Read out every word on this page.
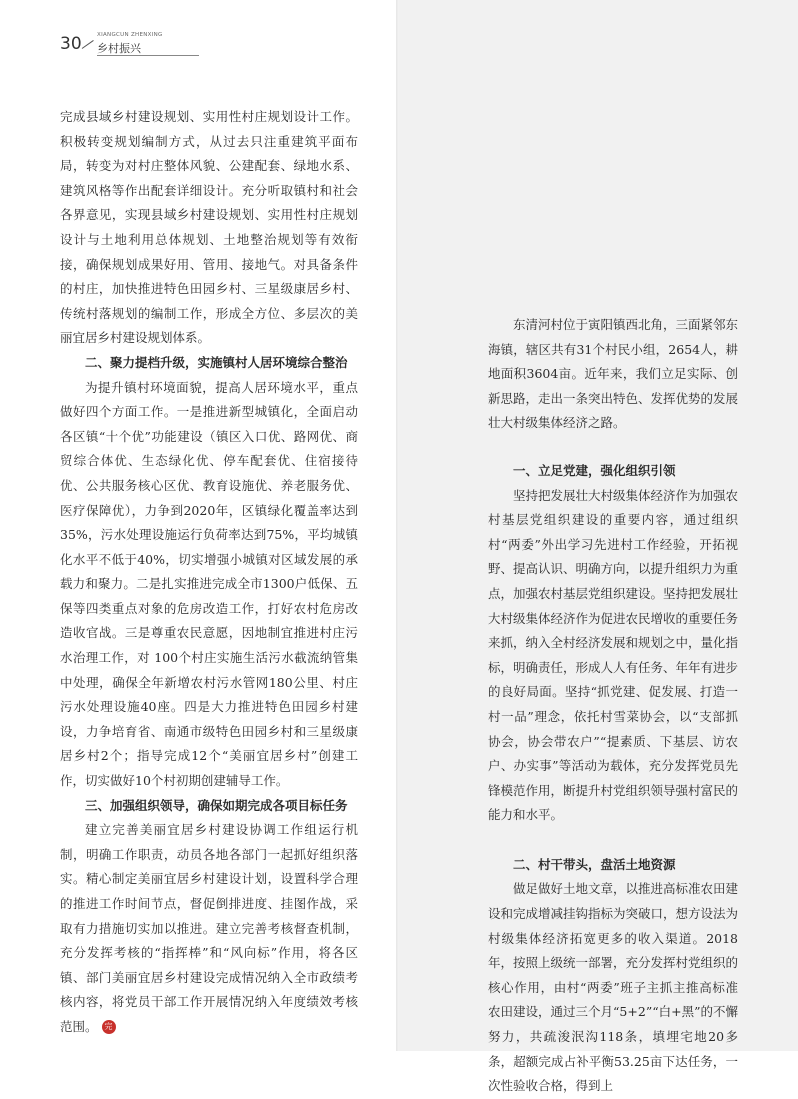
30	XIANGCUN ZHENXING
乡村振兴

完成县域乡村建设规划、实用性村庄规划设计工作。积极转变规划编制方式，从过去只注重建筑平面布局，转变为对村庄整体风貌、公建配套、绿地水系、建筑风格等作出配套详细设计。充分听取镇村和社会各界意见，实现县域乡村建设规划、实用性村庄规划设计与土地利用总体规划、土地整治规划等有效衔接，确保规划成果好用、管用、接地气。对具备条件的村庄，加快推进特色田园乡村、三星级康居乡村、传统村落规划的编制工作，形成全方位、多层次的美丽宜居乡村建设规划体系。

二、聚力提档升级，实施镇村人居环境综合整治

为提升镇村环境面貌，提高人居环境水平，重点做好四个方面工作。一是推进新型城镇化，全面启动各区镇“十个优”功能建设（镇区入口优、路网优、商贸综合体优、生态绿化优、停车配套优、住宿接待优、公共服务核心区优、教育设施优、养老服务优、医疗保障优），力争到2020年，区镇绿化覆盖率达到35%，污水处理设施运行负荷率达到75%，平均城镇化水平不低于40%，切实增强小城镇对区域发展的承载力和聚力。二是扎实推进完成全市1300户低保、五保等四类重点对象的危房改造工作，打好农村危房改造收官战。三是尊重农民意愿，因地制宜推进村庄污水治理工作，对 100个村庄实施生活污水截流纳管集中处理，确保全年新增农村污水管网180公里、村庄污水处理设施40座。四是大力推进特色田园乡村建设，力争培育省、南通市级特色田园乡村和三星级康居乡村2个；指导完成12个“美丽宜居乡村”创建工作，切实做好10个村初期创建辅导工作。

三、加强组织领导，确保如期完成各项目标任务

建立完善美丽宜居乡村建设协调工作组运行机制，明确工作职责，动员各地各部门一起抓好组织落实。精心制定美丽宜居乡村建设计划，设置科学合理的推进工作时间节点，督促倒排进度、挂图作战，采取有力措施切实加以推进。建立完善考核督查机制，充分发挥考核的“指挥棒”和“风向标”作用，将各区镇、部门美丽宜居乡村建设完成情况纳入全市政绩考核内容，将党员干部工作开展情况纳入年度绩效考核范围。 完

东清河村位于寅阳镇西北角，三面紧邻东海镇，辖区共有31个村民小组，2654人，耕地面积3604亩。近年来，我们立足实际、创新思路，走出一条突出特色、发挥优势的发展壮大村级集体经济之路。

一、立足党建，强化组织引领

坚持把发展壮大村级集体经济作为加强农村基层党组织建设的重要内容，通过组织村“两委”外出学习先进村工作经验，开拓视野、提高认识、明确方向，以提升组织力为重点，加强农村基层党组织建设。坚持把发展壮大村级集体经济作为促进农民增收的重要任务来抓，纳入全村经济发展和规划之中，量化指标，明确责任，形成人人有任务、年年有进步的良好局面。坚持“抓党建、促发展、打造一村一品”理念，依托村雪菜协会，以“支部抓协会，协会带农户”“提素质、下基层、访农户、办实事”等活动为载体，充分发挥党员先锋模范作用，断提升村党组织领导强村富民的能力和水平。

二、村干带头，盘活土地资源

做足做好土地文章，以推进高标准农田建设和完成增减挂钩指标为突破口，想方设法为村级集体经济拓宽更多的收入渠道。2018年，按照上级统一部署，充分发挥村党组织的核心作用，由村“两委”班子主抓主推高标准农田建设，通过三个月“5+2”“白+黑”的不懈努力，共疏浚泯沟118条，填埋宅地20多条，超额完成占补平衡53.25亩下达任务，一次性验收合格，得到上
